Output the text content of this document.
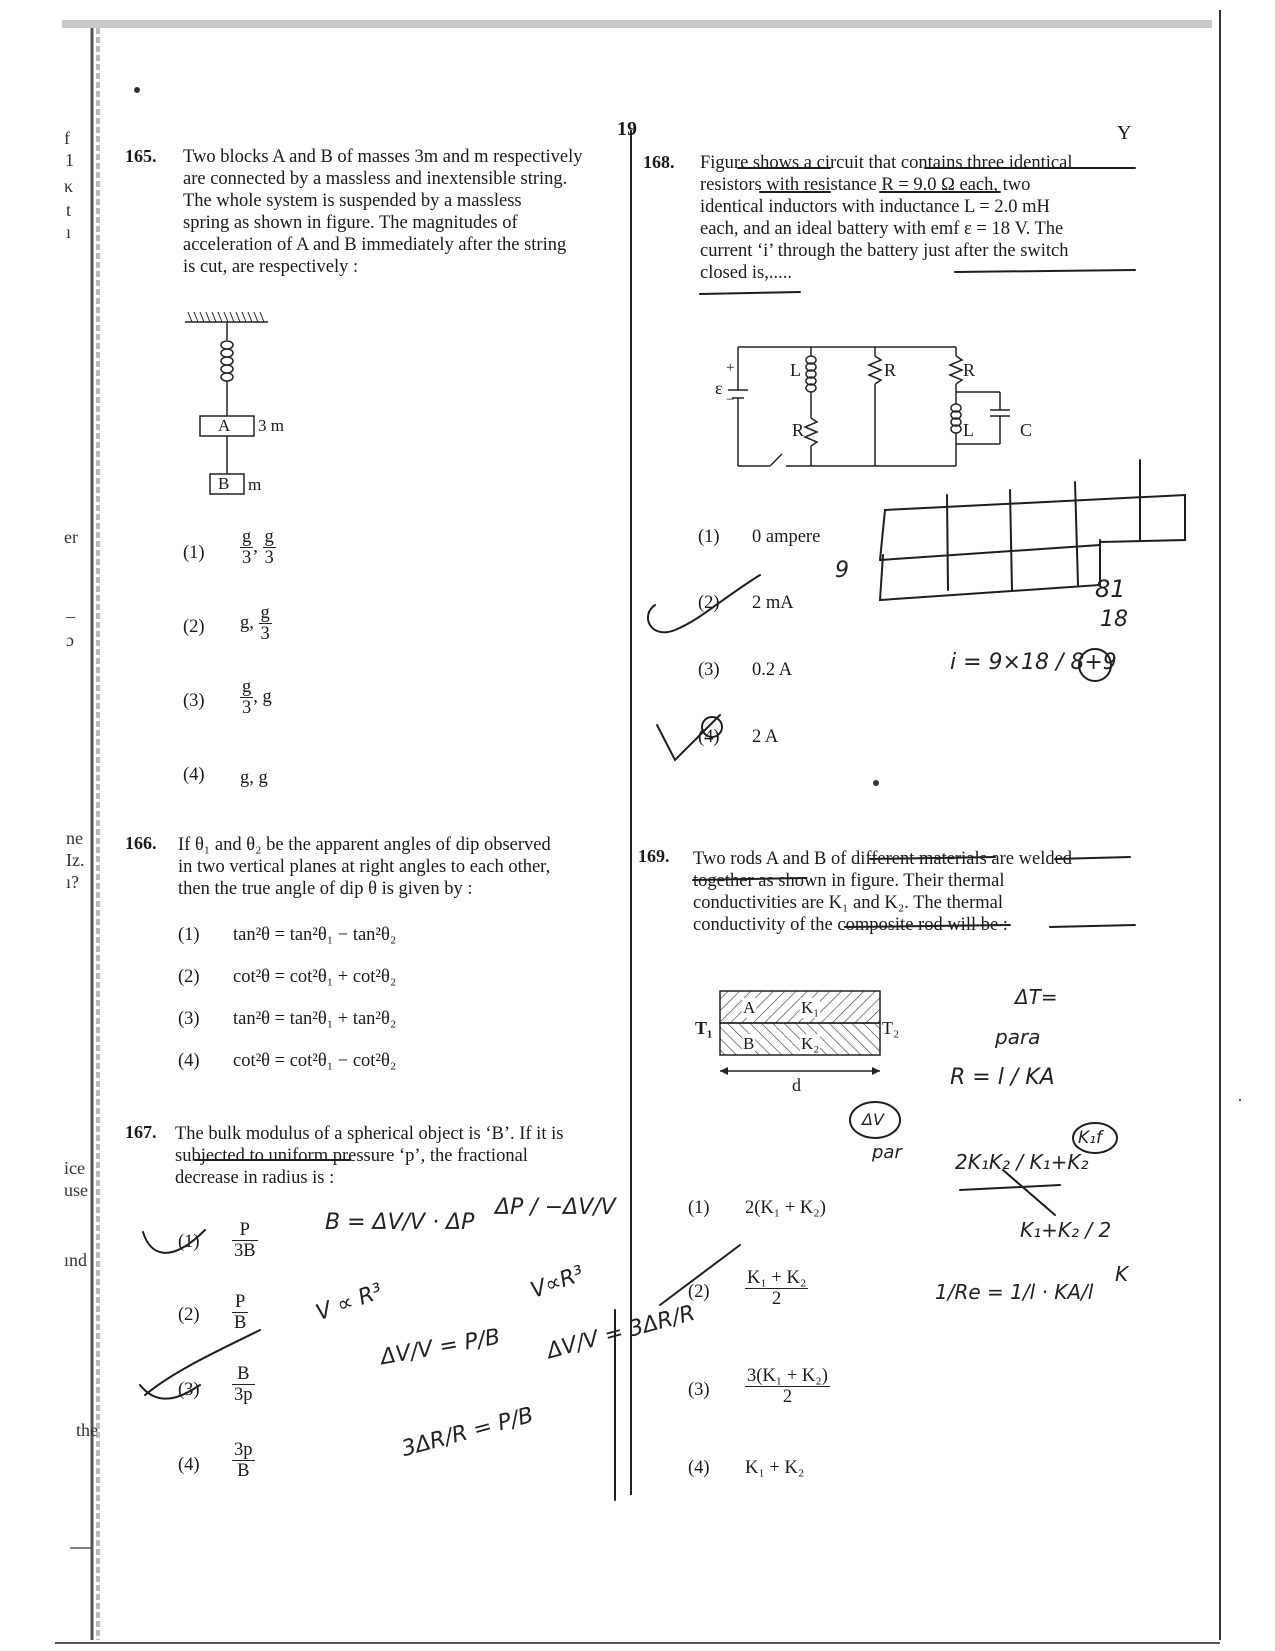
f
1
κ
t
ı
er
‒
ɔ
ne
Iz.
ı?
ice
use
ınd
the
19	Y
165. Two blocks A and B of masses 3m and m respectively
are connected by a massless and inextensible string.
The whole system is suspended by a massless
spring as shown in figure. The magnitudes of
acceleration of A and B immediately after the string
is cut, are respectively :
A 3 m
B m
$(1) \frac{g}{3}$ , $\frac{g}{3}$
(2) g, $\frac{g}{3}$
$(3) \frac{g}{3}$ , g
(4) g, g
166. If θ₁ and θ₂ be the apparent angles of dip observed
in two vertical planes at right angles to each other,
then the true angle of dip θ is given by :
(1) tan²θ = tan²θ₁ − tan²θ₂
(2) cot²θ = cot²θ₁ + cot²θ₂
(3) tan²θ = tan²θ₁ + tan²θ₂
(4) cot²θ = cot²θ₁ − cot²θ₂
167. The bulk modulus of a spherical object is ‘B’. If it is
subjected to uniform pressure ‘p’, the fractional
decrease in radius is :
$(1) \frac{P}{3B}$
$(2) \frac{P}{B}$
$(3) \frac{B}{3p}$
$(4) \frac{3p}{B}$
168. Figure shows a circuit that contains three identical
resistors with resistance R = 9.0 Ω each, two
identical inductors with inductance L = 2.0 mH
each, and an ideal battery with emf ε = 18 V. The
current ‘i’ through the battery just after the switch
closed is,.....
ε
+
−
L
R
R	R
L	C
(1) 0 ampere
(2) 2 mA
(3) 0.2 A
(4) 2 A
169. Two rods A and B of different materials are welded
together as shown in figure. Their thermal
conductivities are K₁ and K₂. The thermal
conductivity of the composite rod will be :
A	K₁
B	K₂
T₁	T₂
d
(1) 2(K₁ + K₂)
$(2) \frac{\text{K₁ + K₂}}{2}$
$(3) \frac{\text{3(K₁ + K₂)}}{2}$
(4) K₁ + K₂
9
81
18
i = 9×18 / 8+9
ΔT=
para
R = l / KA
2K₁K₂ / K₁+K₂
K₁+K₂ / 2
1/Re = 1/l · KA/l
K
ΔV
par
K₁f
B = ΔV/V · ΔP
ΔP / −ΔV/V
V ∝ R³	V∝R³
ΔV/V = P/B ΔV/V = 3ΔR/R
3ΔR/R = P/B
